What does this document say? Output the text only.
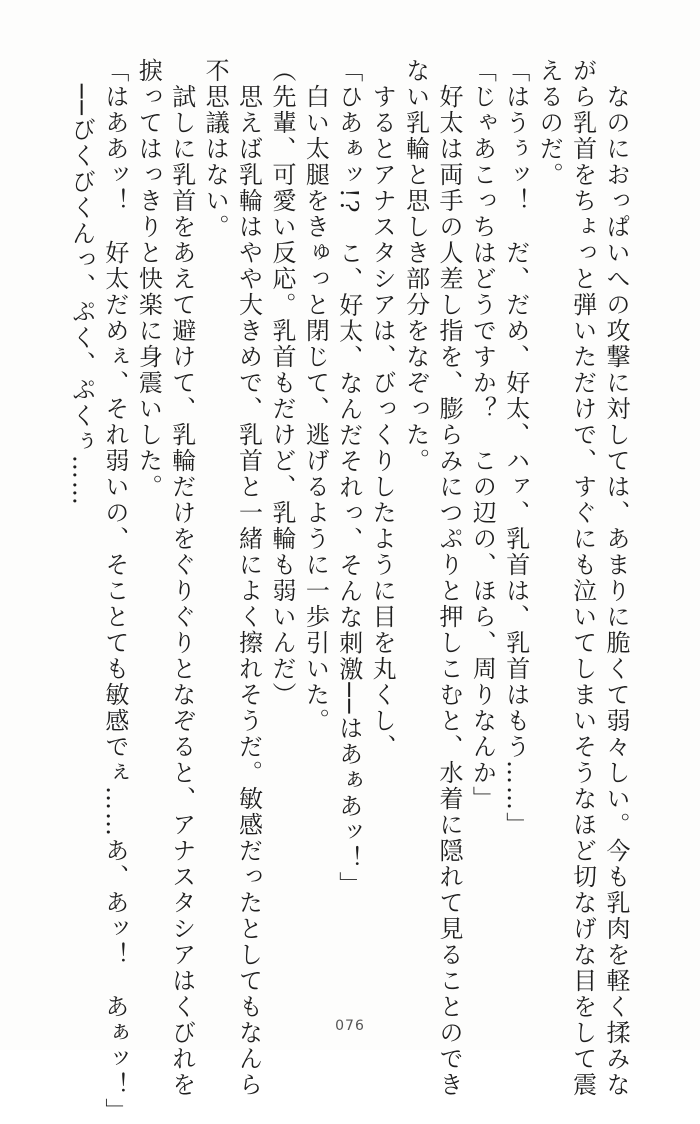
　なのにおっぱいへの攻撃に対しては、あまりに脆くて弱々しい。今も乳肉を軽く揉みな
がら乳首をちょっと弾いただけで、すぐにも泣いてしまいそうなほど切なげな目をして震
えるのだ。
「はうぅッ！　だ、だめ、好太、ハァ、乳首は、乳首はもう……」
「じゃあこっちはどうですか？　この辺の、ほら、周りなんか」
　好太は両手の人差し指を、膨らみにつぷりと押しこむと、水着に隠れて見ることのでき
ない乳輪と思しき部分をなぞった。
　するとアナスタシアは、びっくりしたように目を丸くし、
「ひあぁッ!?　こ、好太、なんだそれっ、そんな刺激──はあぁあッ！」
　白い太腿をきゅっと閉じて、逃げるように一歩引いた。
（先輩、可愛い反応。乳首もだけど、乳輪も弱いんだ）
　思えば乳輪はやや大きめで、乳首と一緒によく擦れそうだ。敏感だったとしてもなんら
不思議はない。
　試しに乳首をあえて避けて、乳輪だけをぐりぐりとなぞると、アナスタシアはくびれを
捩ってはっきりと快楽に身震いした。
「はああッ！　好太だめぇ、それ弱いの、そことても敏感でぇ……あ、あッ！　あぁッ！」
　──びくびくんっ、ぷく、ぷくぅ……
076
